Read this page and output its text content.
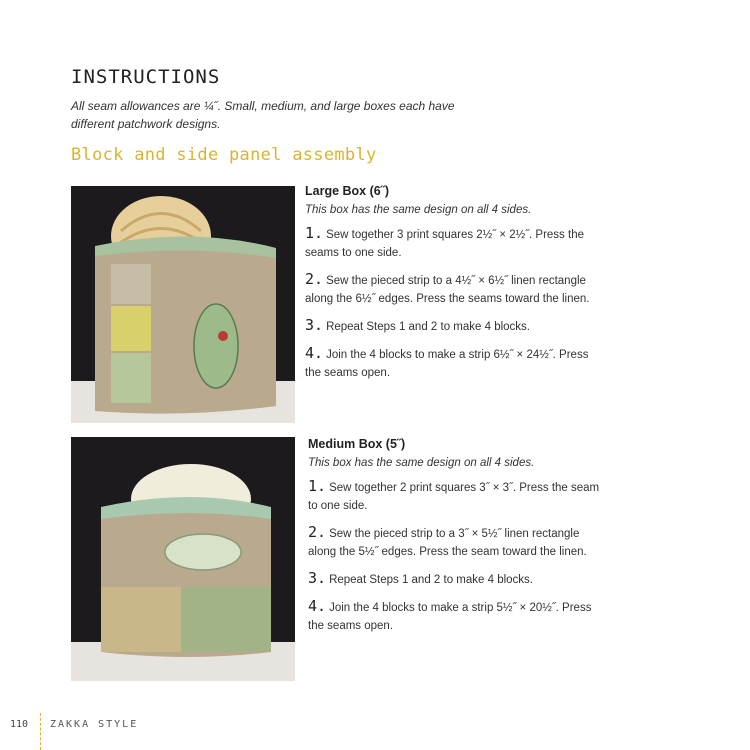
INSTRUCTIONS
All seam allowances are ¼˝. Small, medium, and large boxes each have different patchwork designs.
Block and side panel assembly
Large Box (6˝)
This box has the same design on all 4 sides.
1. Sew together 3 print squares 2½˝ × 2½˝. Press the seams to one side.
2. Sew the pieced strip to a 4½˝ × 6½˝ linen rectangle along the 6½˝ edges. Press the seams toward the linen.
3. Repeat Steps 1 and 2 to make 4 blocks.
4. Join the 4 blocks to make a strip 6½˝ × 24½˝. Press the seams open.
Medium Box (5˝)
This box has the same design on all 4 sides.
1. Sew together 2 print squares 3˝ × 3˝. Press the seam to one side.
2. Sew the pieced strip to a 3˝ × 5½˝ linen rectangle along the 5½˝ edges. Press the seam toward the linen.
3. Repeat Steps 1 and 2 to make 4 blocks.
4. Join the 4 blocks to make a strip 5½˝ × 20½˝. Press the seams open.
110 ZAKKA STYLE
